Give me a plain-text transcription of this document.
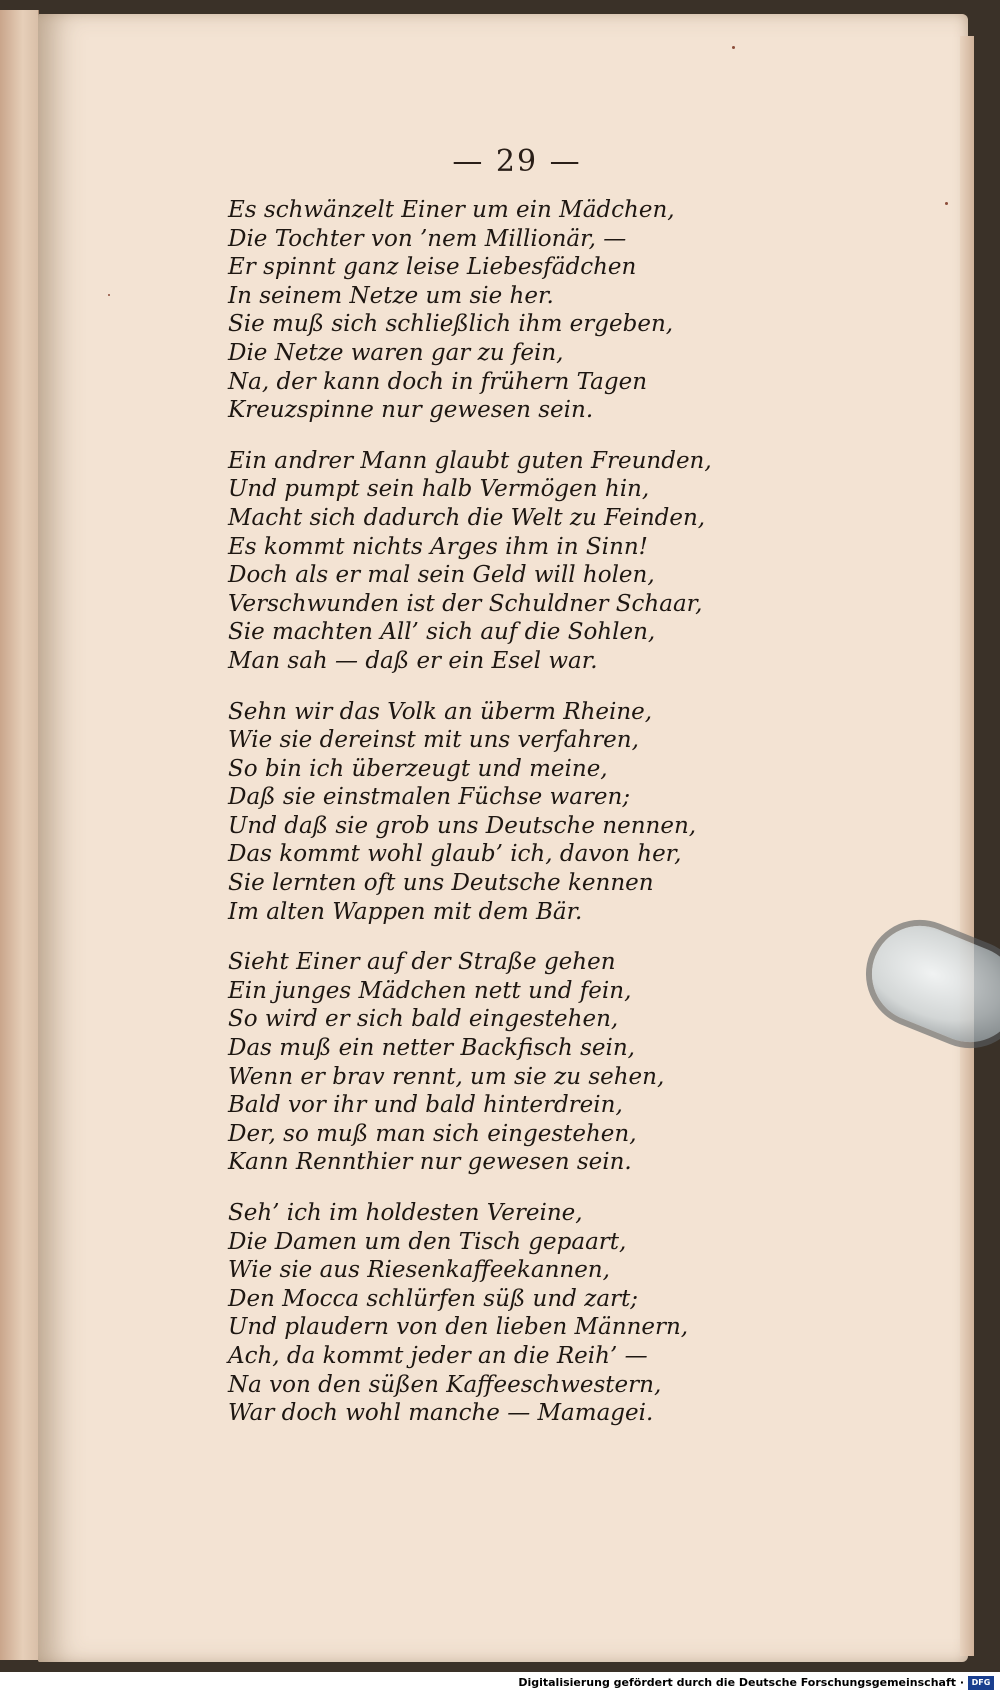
— 29 —
Es schwänzelt Einer um ein Mädchen,
Die Tochter von ’nem Millionär, —
Er spinnt ganz leise Liebesfädchen
In seinem Netze um sie her.
Sie muß sich schließlich ihm ergeben,
Die Netze waren gar zu fein,
Na, der kann doch in frühern Tagen
Kreuzspinne nur gewesen sein.
Ein andrer Mann glaubt guten Freunden,
Und pumpt sein halb Vermögen hin,
Macht sich dadurch die Welt zu Feinden,
Es kommt nichts Arges ihm in Sinn!
Doch als er mal sein Geld will holen,
Verschwunden ist der Schuldner Schaar,
Sie machten All’ sich auf die Sohlen,
Man sah — daß er ein Esel war.
Sehn wir das Volk an überm Rheine,
Wie sie dereinst mit uns verfahren,
So bin ich überzeugt und meine,
Daß sie einstmalen Füchse waren;
Und daß sie grob uns Deutsche nennen,
Das kommt wohl glaub’ ich, davon her,
Sie lernten oft uns Deutsche kennen
Im alten Wappen mit dem Bär.
Sieht Einer auf der Straße gehen
Ein junges Mädchen nett und fein,
So wird er sich bald eingestehen,
Das muß ein netter Backfisch sein,
Wenn er brav rennt, um sie zu sehen,
Bald vor ihr und bald hinterdrein,
Der, so muß man sich eingestehen,
Kann Rennthier nur gewesen sein.
Seh’ ich im holdesten Vereine,
Die Damen um den Tisch gepaart,
Wie sie aus Riesenkaffeekannen,
Den Mocca schlürfen süß und zart;
Und plaudern von den lieben Männern,
Ach, da kommt jeder an die Reih’ —
Na von den süßen Kaffeeschwestern,
War doch wohl manche — Mamagei.
Digitalisierung gefördert durch die Deutsche Forschungsgemeinschaft · DFG
